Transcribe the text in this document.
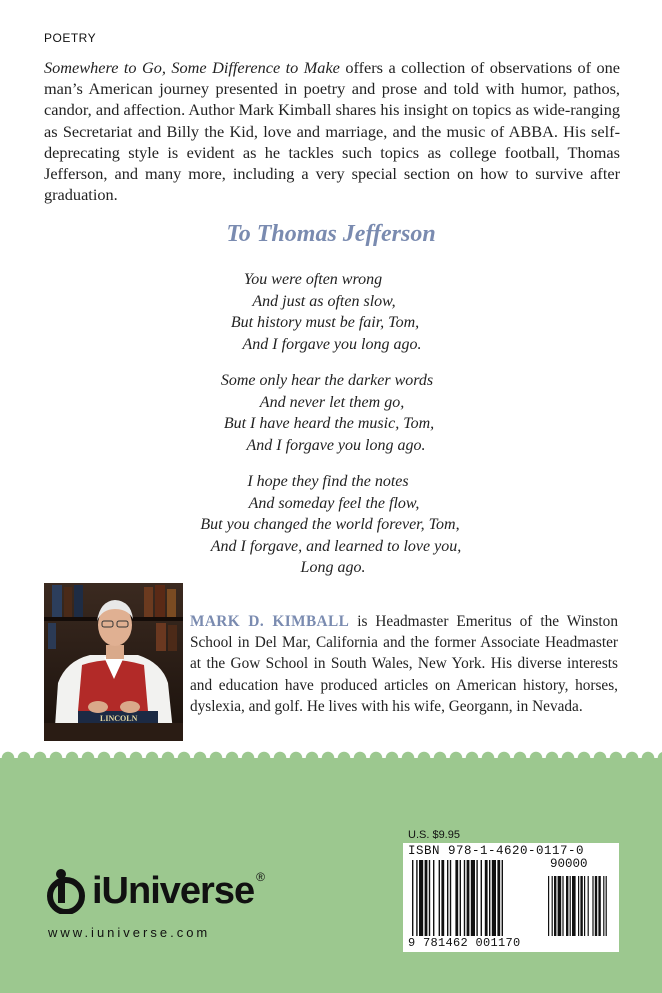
POETRY
Somewhere to Go, Some Difference to Make offers a collection of observations of one man’s American journey presented in poetry and prose and told with humor, pathos, candor, and affection. Author Mark Kimball shares his insight on topics as wide-ranging as Secretariat and Billy the Kid, love and marriage, and the music of ABBA. His self-deprecating style is evident as he tackles such topics as college football, Thomas Jefferson, and many more, including a very special section on how to survive after graduation.
To Thomas Jefferson
You were often wrong
And just as often slow,
But history must be fair, Tom,
And I forgave you long ago.
Some only hear the darker words
And never let them go,
But I have heard the music, Tom,
And I forgave you long ago.
I hope they find the notes
And someday feel the flow,
But you changed the world forever, Tom,
And I forgave, and learned to love you,
Long ago.
LINCOLN
MARK D. KIMBALL is Headmaster Emeritus of the Winston School in Del Mar, California and the former Associate Headmaster at the Gow School in South Wales, New York. His diverse interests and education have produced articles on American history, horses, dyslexia, and golf. He lives with his wife, Georgann, in Nevada.
iUniverse ®
www.iuniverse.com
U.S. $9.95
ISBN 978-1-4620-0117-0
90000
9 781462 001170
